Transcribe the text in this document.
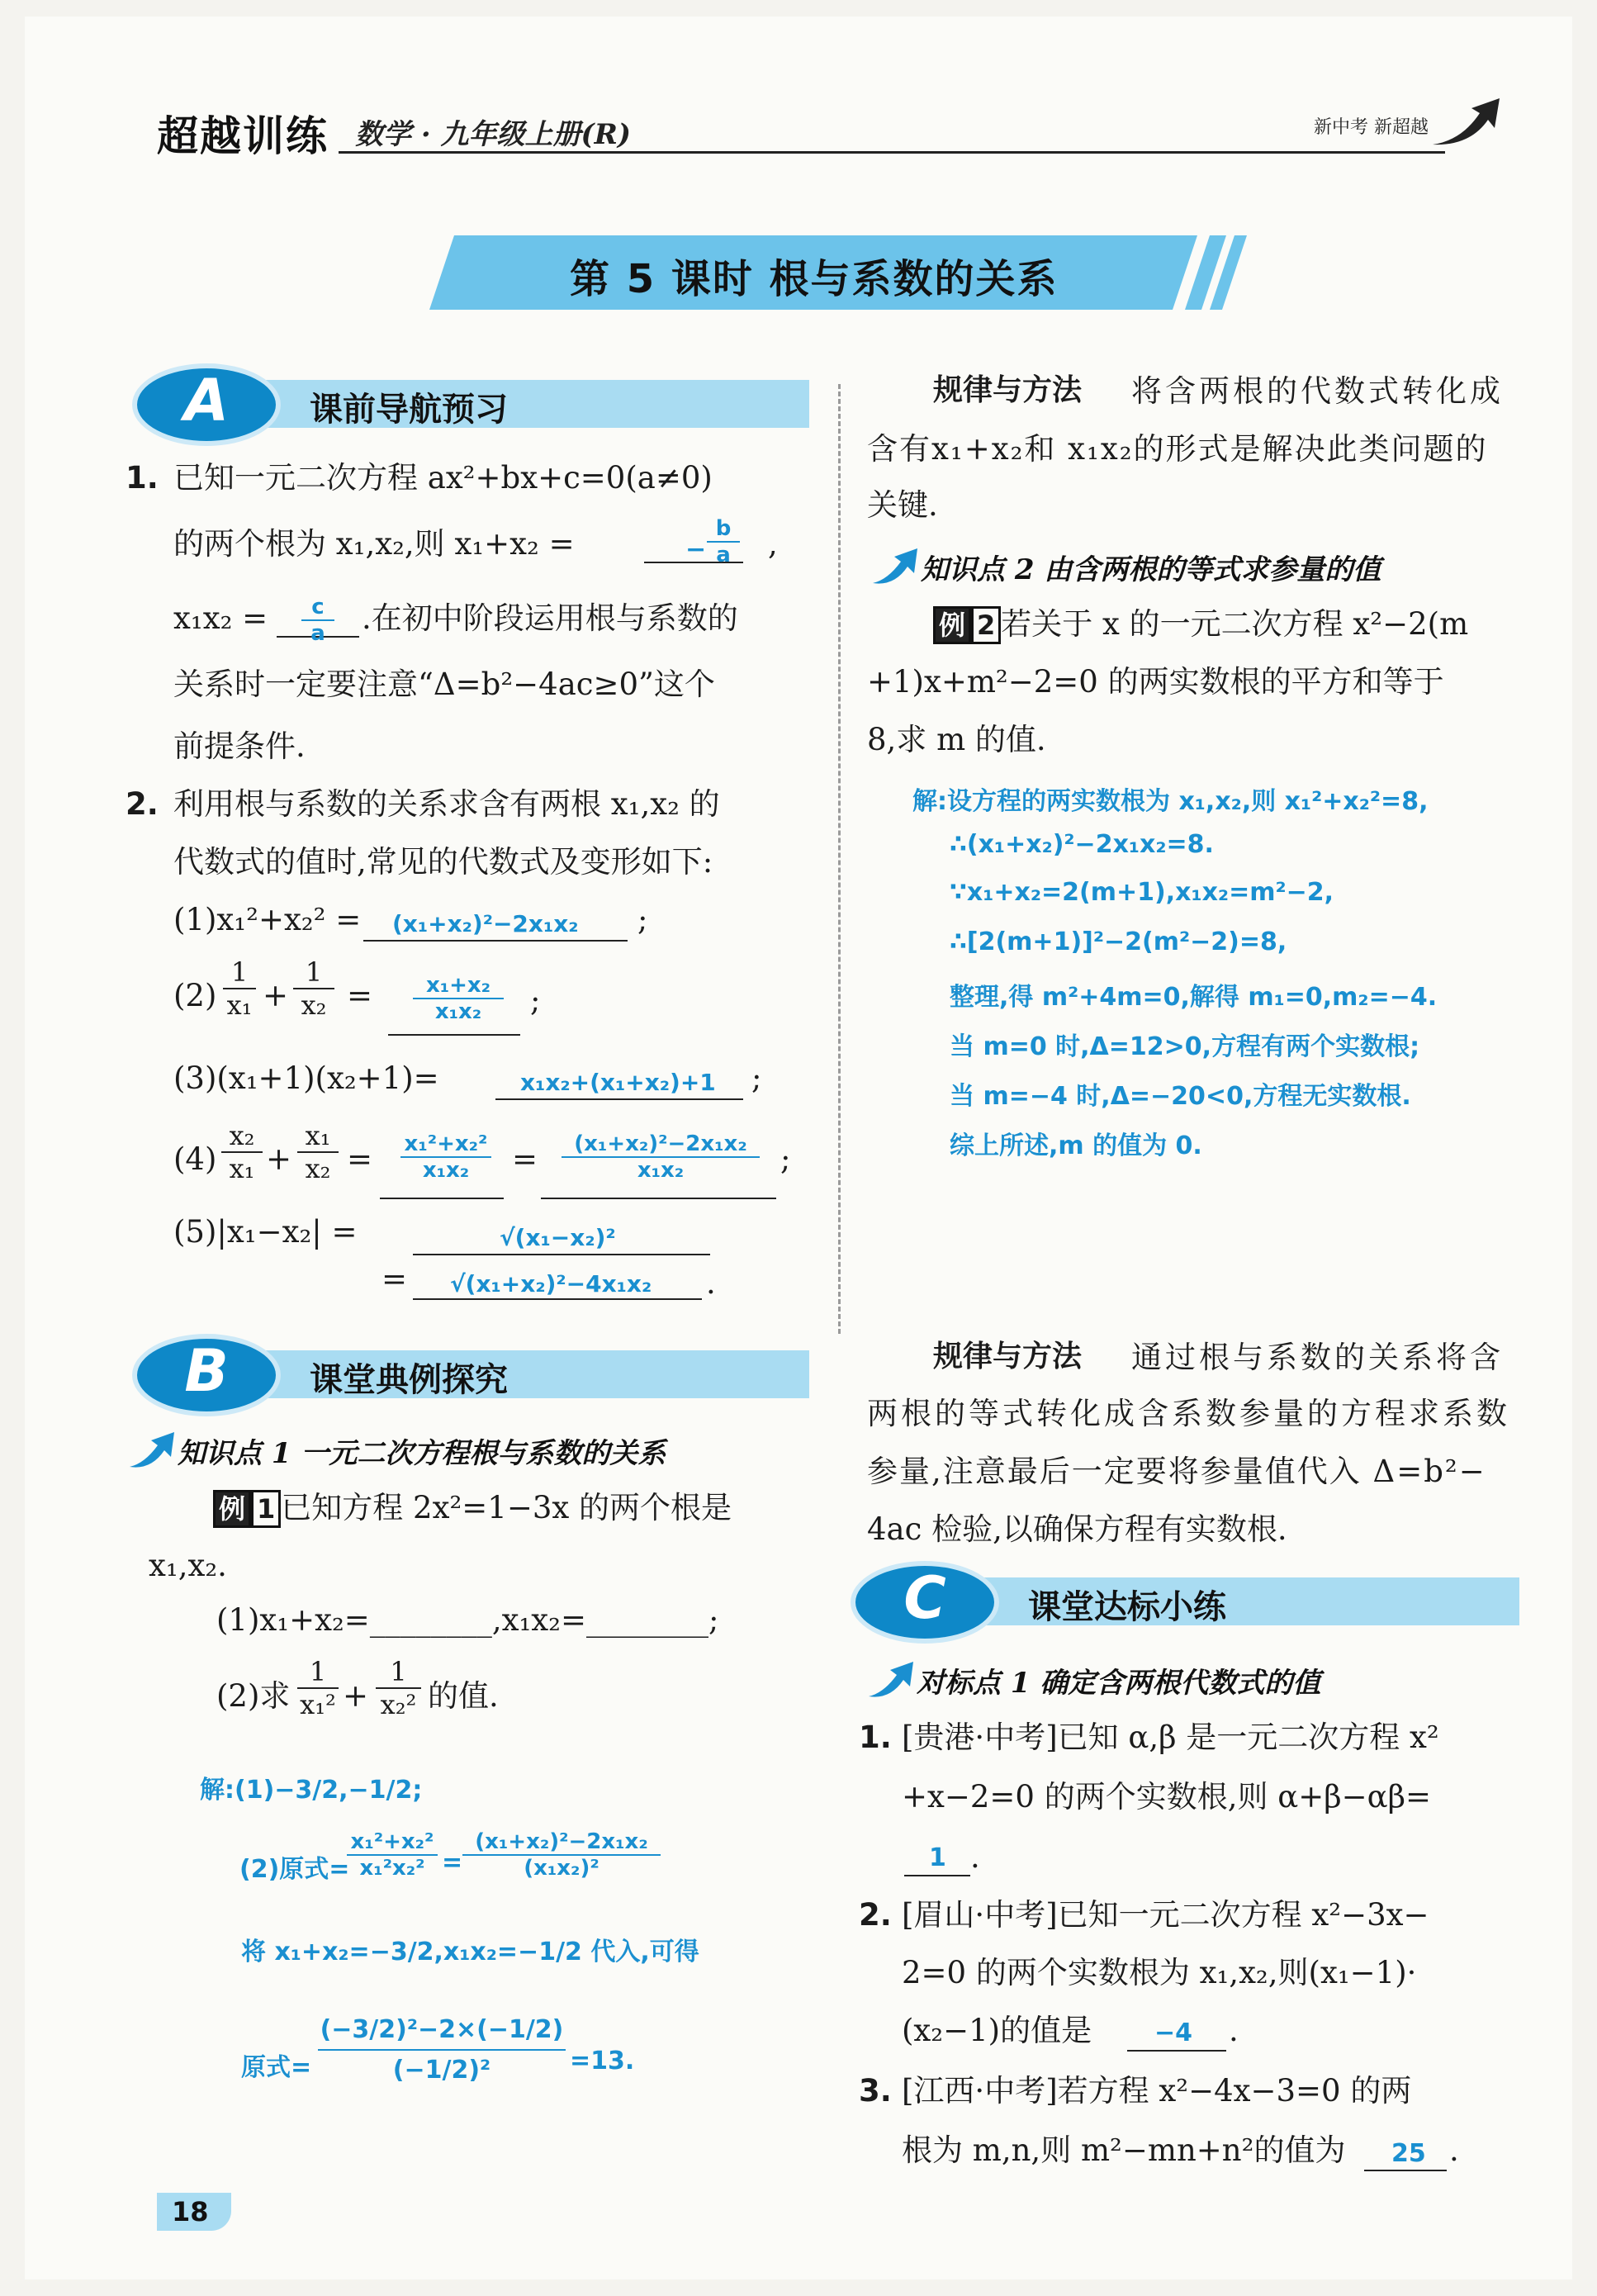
超越训练 数学 · 九年级上册(R)	新中考 新超越
第 5 课时 根与系数的关系
A	课前导航预习
1. 已知一元二次方程 ax²+bx+c=0(a≠0)
的两个根为 x₁,x₂,则 x₁+x₂ =	− $\frac{b}{a}$ ,
$x_1x_2 = \frac{c}{a}$ .在初中阶段运用根与系数的
关系时一定要注意“Δ=b²−4ac≥0”这个
前提条件.
2. 利用根与系数的关系求含有两根 x₁,x₂ 的
代数式的值时,常见的代数式及变形如下:
(1)x₁²+x₂² = (x₁+x₂)²−2x₁x₂ ;
$(2) \frac{1}{\text{x₁}} + \frac{1}{\text{x₂}} = \frac{\text{x₁+x₂}}{\text{x₁x₂}}$ ;
(3)(x₁+1)(x₂+1)=	x₁x₂+(x₁+x₂)+1 ;
$(4) \frac{\text{x₂}}{\text{x₁}} + \frac{\text{x₁}}{\text{x₂}} = \frac{\text{x₁²+x₂²}}{\text{x₁x₂}} = \frac{\text{(x₁+x₂)²−2x₁x₂}}{\text{x₁x₂}}$ ;
(5)|x₁−x₂| =	√(x₁−x₂)²
= √(x₁+x₂)²−4x₁x₂ .
B	课堂典例探究
知识点 1 一元二次方程根与系数的关系
例 1 已知方程 2x²=1−3x 的两个根是
x₁,x₂.
(1)x₁+x₂=________,x₁x₂=________;
(2)求 $\frac{1}{\text{x₁²}} + \frac{1}{\text{x₂²}}$ 的值.
解:(1)−3/2,−1/2;
(2)原式=
$\frac{\text{x₁²+x₂²}}{\text{x₁²x₂²}} = \frac{\text{(x₁+x₂)²−2x₁x₂}}{\text{(x₁x₂)²}}$
将 x₁+x₂=−3/2,x₁x₂=−1/2 代入,可得
原式= $\frac{\text{(−3/2)²−2×(−1/2)}}{\text{(−1/2)²}} =13$.
规律与方法 将含两根的代数式转化成
含有x₁+x₂和 x₁x₂的形式是解决此类问题的
关键.
知识点 2 由含两根的等式求参量的值
例 2 若关于 x 的一元二次方程 x²−2(m
+1)x+m²−2=0 的两实数根的平方和等于
8,求 m 的值.
解:设方程的两实数根为 x₁,x₂,则 x₁²+x₂²=8,
∴(x₁+x₂)²−2x₁x₂=8.
∵x₁+x₂=2(m+1),x₁x₂=m²−2,
∴[2(m+1)]²−2(m²−2)=8,
整理,得 m²+4m=0,解得 m₁=0,m₂=−4.
当 m=0 时,Δ=12>0,方程有两个实数根;
当 m=−4 时,Δ=−20<0,方程无实数根.
综上所述,m 的值为 0.
规律与方法 通过根与系数的关系将含
两根的等式转化成含系数参量的方程求系数
参量,注意最后一定要将参量值代入 Δ=b²−
4ac 检验,以确保方程有实数根.
C	课堂达标小练
对标点 1 确定含两根代数式的值
1. [贵港·中考]已知 α,β 是一元二次方程 x²
+x−2=0 的两个实数根,则 α+β−αβ=
1 .
2. [眉山·中考]已知一元二次方程 x²−3x−
2=0 的两个实数根为 x₁,x₂,则(x₁−1)·
(x₂−1)的值是	−4 .
3. [江西·中考]若方程 x²−4x−3=0 的两
根为 m,n,则 m²−mn+n²的值为 25 .
18
